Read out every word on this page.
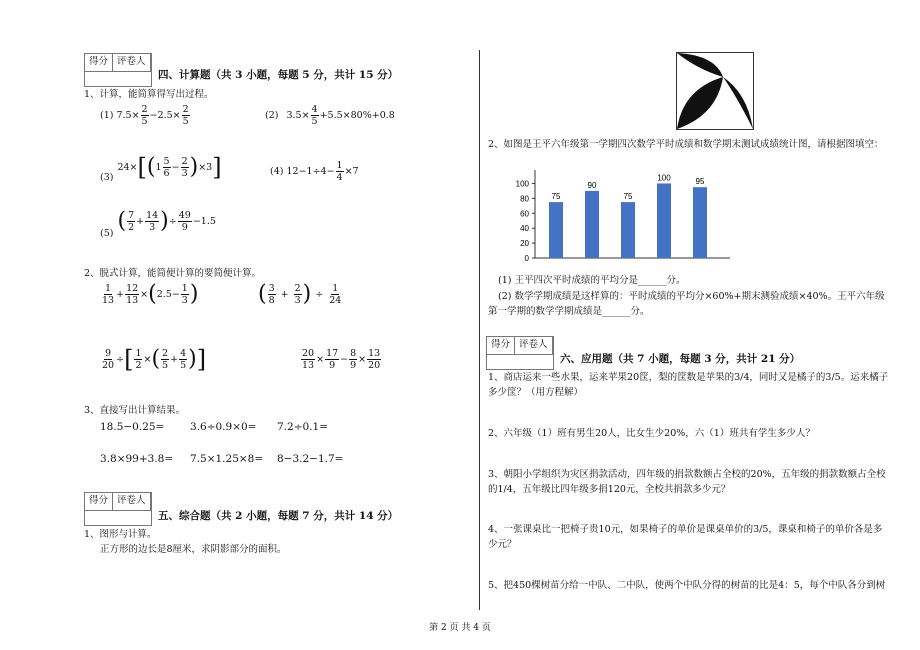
得分 评卷人
四、计算题（共 3 小题，每题 5 分，共计 15 分）
1、计算，能简算得写出过程。
(1) $7.5\times \frac{2}{5} -2.5\times \frac{2}{5}$	(2) $3.5\times \frac{4}{5} +5.5\times 80\%+0.8$
$(3)24\times[(1 \frac{5}{6} - \frac{2}{3} )\times 3]$	(4) $12-1\div 4- \frac{1}{4} \times 7$
(5) ( $\frac{7}{2} + \frac{14}{3}$ )÷ $\frac{49}{9} -1.5$
2、脱式计算，能简便计算的要简便计算。
$\frac{1}{13} + \frac{12}{13} \times(2.5- \frac{1}{3}$ )	( $\frac{3}{8} + \frac{2}{3}$ ) ÷ $\frac{1}{24}$
$\frac{9}{20}$ ÷[ $\frac{1}{2}$ ×( $\frac{2}{5} + \frac{4}{5}$ )]	$\frac{20}{13} \times \frac{17}{9} - \frac{8}{9} \times \frac{13}{20}$
3、直接写出计算结果。
18.5−0.25= 3.6÷0.9×0= 7.2÷0.1=
3.8×99+3.8= 7.5×1.25×8= 8−3.2−1.7=
得分 评卷人
五、综合题（共 2 小题，每题 7 分，共计 14 分）
1、图形与计算。
正方形的边长是8厘米，求阴影部分的面积。
2、如图是王平六年级第一学期四次数学平时成绩和数学期末测试成绩统计图，请根据图填空：
0
20
40
60
80
100
75
90
75
100	95
(1) 王平四次平时成绩的平均分是______分。
(2) 数学学期成绩是这样算的：平时成绩的平均分×60%+期末测验成绩×40%。王平六年级
第一学期的数学学期成绩是______分。
得分 评卷人
六、应用题（共 7 小题，每题 3 分，共计 21 分）
1、商店运来一些水果，运来苹果20筐，梨的筐数是苹果的3/4，同时又是橘子的3/5。运来橘子
多少筐？（用方程解）
2、六年级（1）班有男生20人，比女生少20%，六（1）班共有学生多少人？
3、朝阳小学组织为灾区捐款活动，四年级的捐款数额占全校的20%，五年级的捐款数额占全校
的1/4，五年级比四年级多捐120元，全校共捐款多少元？
4、一张课桌比一把椅子贵10元，如果椅子的单价是课桌单价的3/5，课桌和椅子的单价各是多
少元？
5、把450棵树苗分给一中队、二中队，使两个中队分得的树苗的比是4：5，每个中队各分到树
第 2 页 共 4 页
